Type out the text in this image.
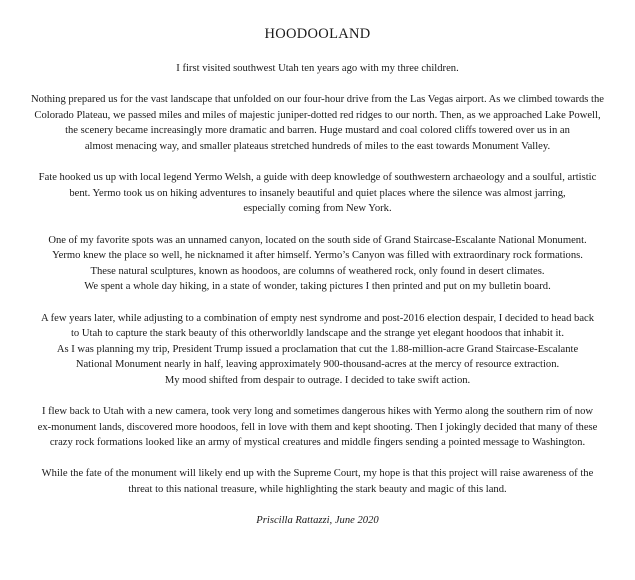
HOODOOLAND

I first visited southwest Utah ten years ago with my three children.

Nothing prepared us for the vast landscape that unfolded on our four-hour drive from the Las Vegas airport. As we climbed towards the
Colorado Plateau, we passed miles and miles of majestic juniper-dotted red ridges to our north. Then, as we approached Lake Powell,
the scenery became increasingly more dramatic and barren. Huge mustard and coal colored cliffs towered over us in an
almost menacing way, and smaller plateaus stretched hundreds of miles to the east towards Monument Valley.

Fate hooked us up with local legend Yermo Welsh, a guide with deep knowledge of southwestern archaeology and a soulful, artistic
bent. Yermo took us on hiking adventures to insanely beautiful and quiet places where the silence was almost jarring,
especially coming from New York.

One of my favorite spots was an unnamed canyon, located on the south side of Grand Staircase-Escalante National Monument.
Yermo knew the place so well, he nicknamed it after himself. Yermo’s Canyon was filled with extraordinary rock formations.
These natural sculptures, known as hoodoos, are columns of weathered rock, only found in desert climates.
We spent a whole day hiking, in a state of wonder, taking pictures I then printed and put on my bulletin board.

A few years later, while adjusting to a combination of empty nest syndrome and post-2016 election despair, I decided to head back
to Utah to capture the stark beauty of this otherworldly landscape and the strange yet elegant hoodoos that inhabit it.
As I was planning my trip, President Trump issued a proclamation that cut the 1.88-million-acre Grand Staircase-Escalante
National Monument nearly in half, leaving approximately 900-thousand-acres at the mercy of resource extraction.
My mood shifted from despair to outrage. I decided to take swift action.

I flew back to Utah with a new camera, took very long and sometimes dangerous hikes with Yermo along the southern rim of now
ex-monument lands, discovered more hoodoos, fell in love with them and kept shooting. Then I jokingly decided that many of these
crazy rock formations looked like an army of mystical creatures and middle fingers sending a pointed message to Washington.

While the fate of the monument will likely end up with the Supreme Court, my hope is that this project will raise awareness of the
threat to this national treasure, while highlighting the stark beauty and magic of this land.

Priscilla Rattazzi, June 2020
